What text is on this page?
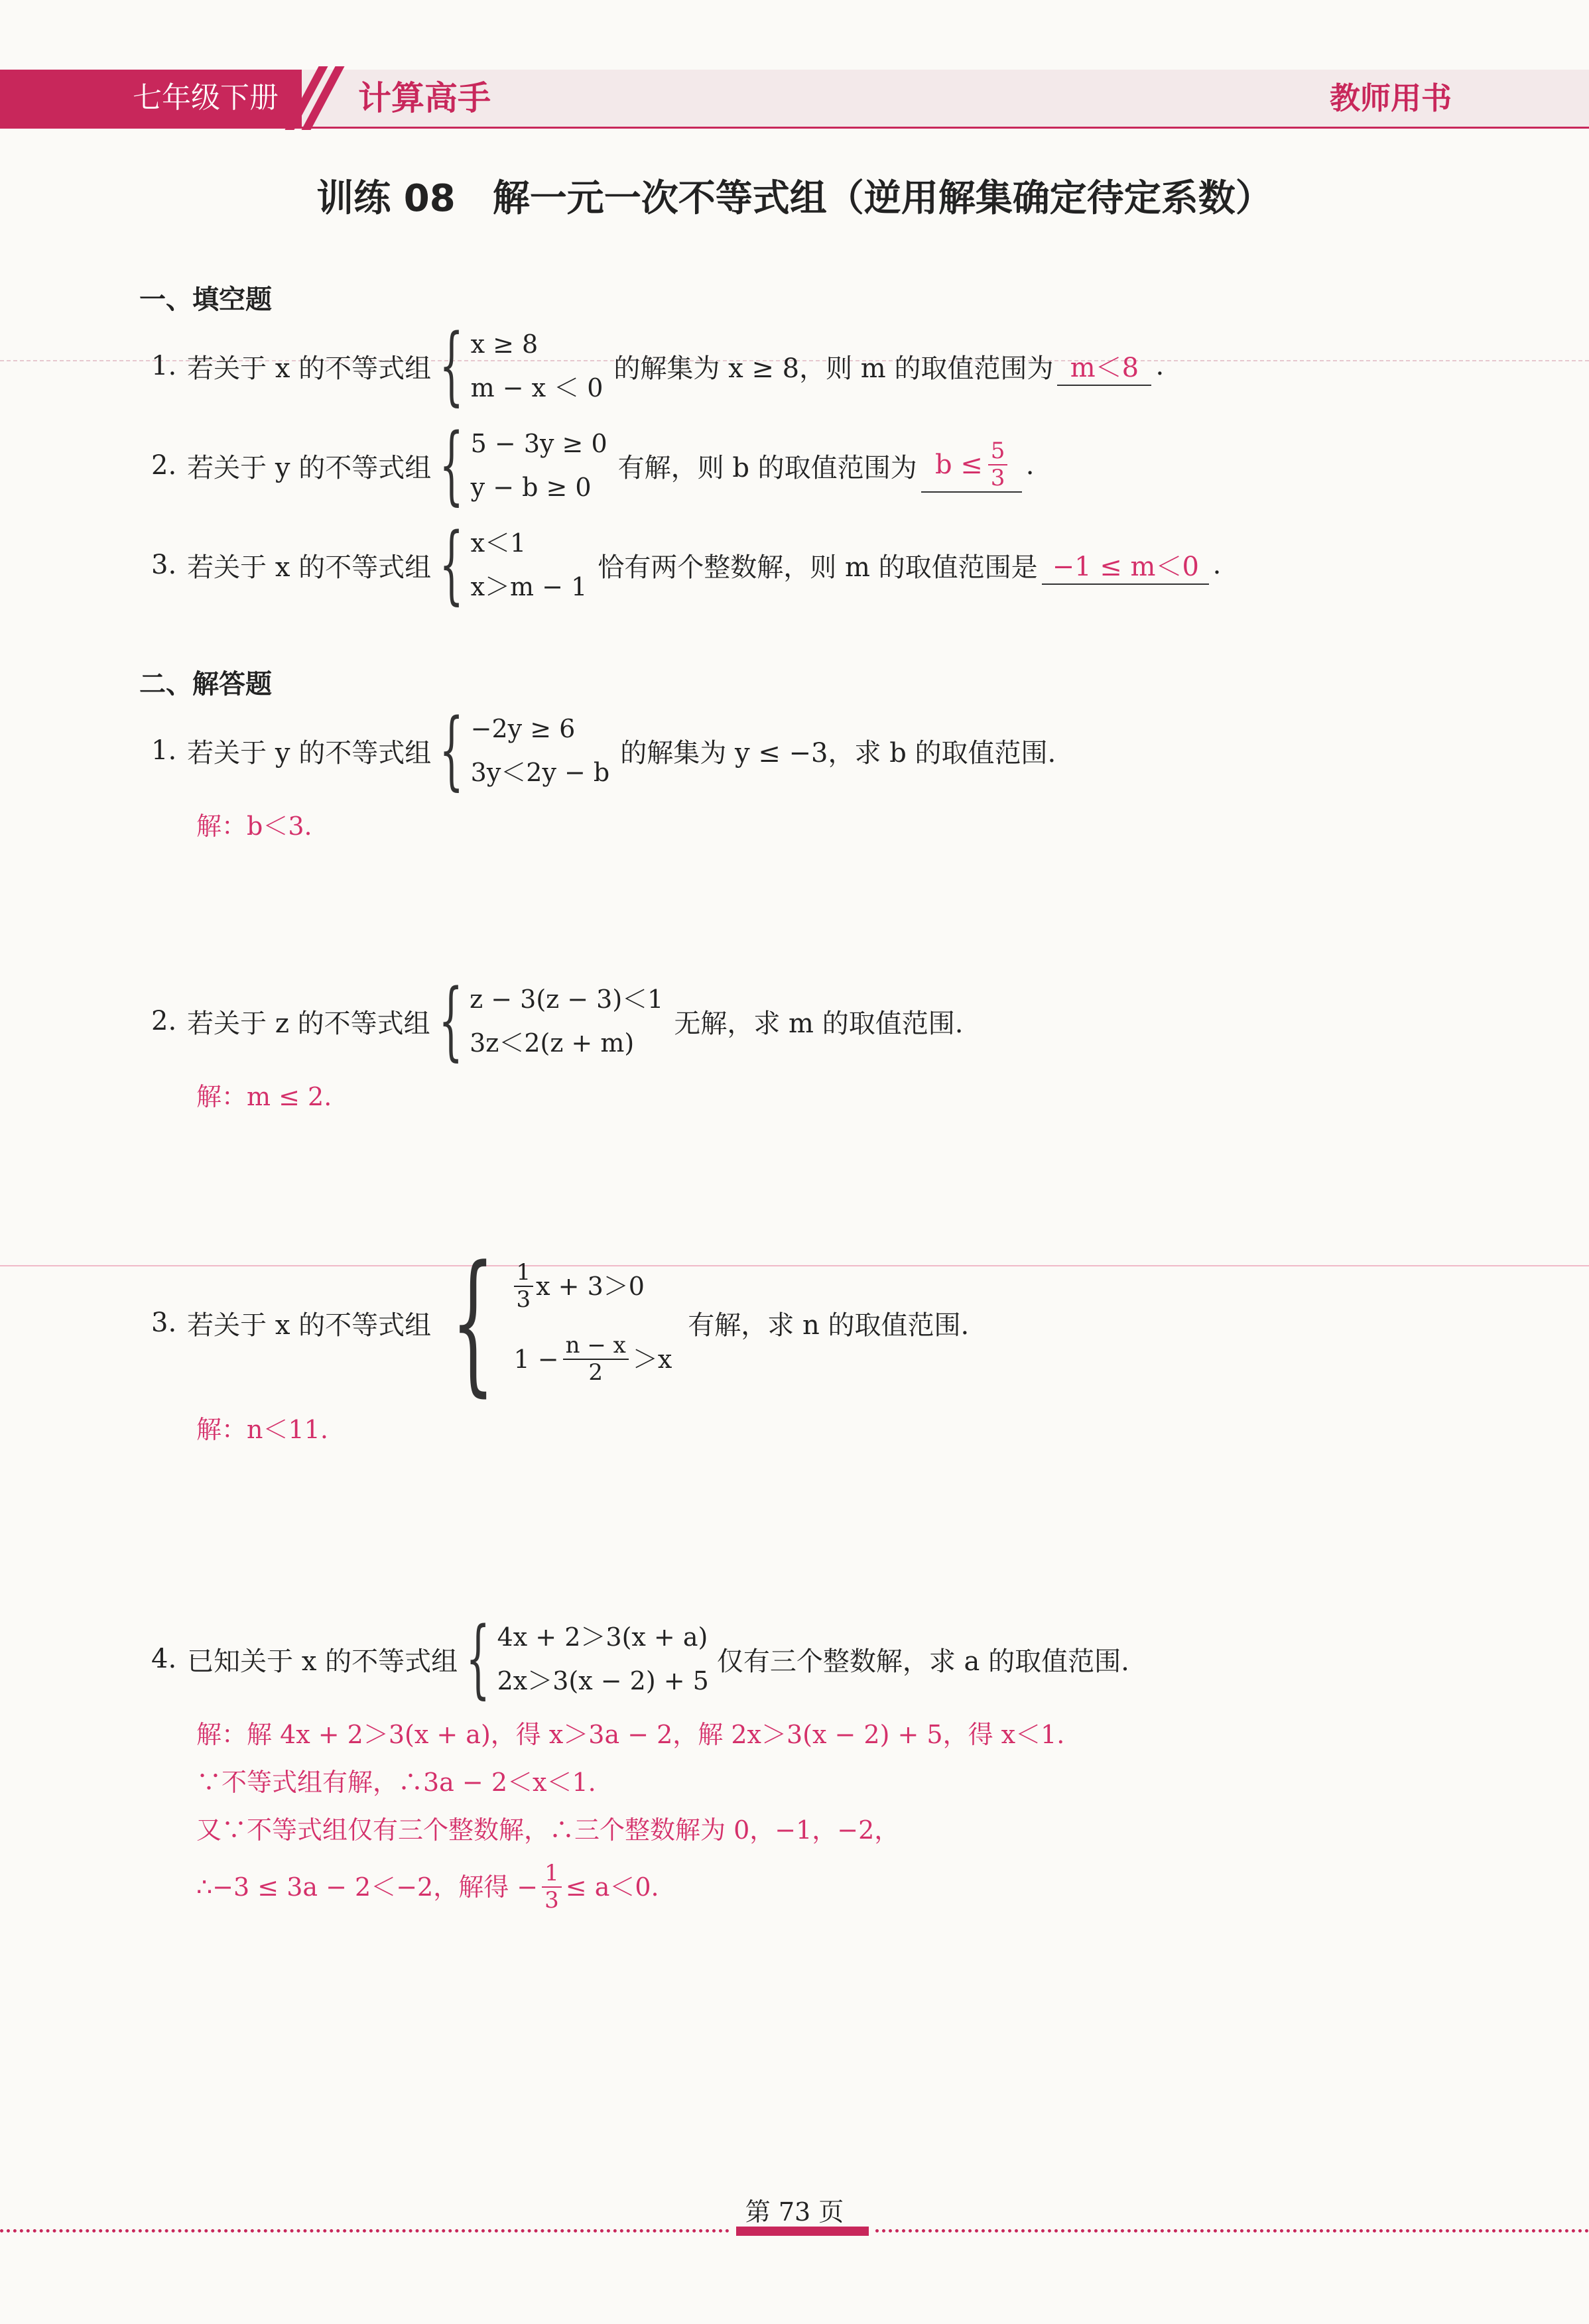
七年级下册	计算高手	教师用书
训练 08　解一元一次不等式组（逆用解集确定待定系数）
一、填空题
1. 若关于 x 的不等式组 { x ≥ 8
m − x ＜ 0
的解集为 x ≥ 8，则 m 的取值范围为 m＜8 .
2. 若关于 y 的不等式组 { 5 − 3y ≥ 0
y − b ≥ 0
有解，则 b 的取值范围为 $b \le \frac{5}{3}$ .
3. 若关于 x 的不等式组 { x＜1
x＞m − 1
恰有两个整数解，则 m 的取值范围是 −1 ≤ m＜0 .
二、解答题
1. 若关于 y 的不等式组 { −2y ≥ 6
3y＜2y − b
的解集为 y ≤ −3，求 b 的取值范围.
解：b＜3.
2. 若关于 z 的不等式组 { z − 3(z − 3)＜1
3z＜2(z + m)
无解，求 m 的取值范围.
解：m ≤ 2.
3. 若关于 x 的不等式组 { $\frac{1}{3}$ x + 3＞0
$1 - \frac{n - x}{2} >x$
有解，求 n 的取值范围.
解：n＜11.
4. 已知关于 x 的不等式组 { 4x + 2＞3(x + a)
2x＞3(x − 2) + 5
仅有三个整数解，求 a 的取值范围.
解：解 4x + 2＞3(x + a)，得 x＞3a − 2，解 2x＞3(x − 2) + 5，得 x＜1.
∵不等式组有解，∴3a − 2＜x＜1.
又∵不等式组仅有三个整数解，∴三个整数解为 0，−1，−2，
∴−3 ≤ 3a − 2＜−2，解得 − $\frac{1}{3} \le a<0$.
第 73 页
